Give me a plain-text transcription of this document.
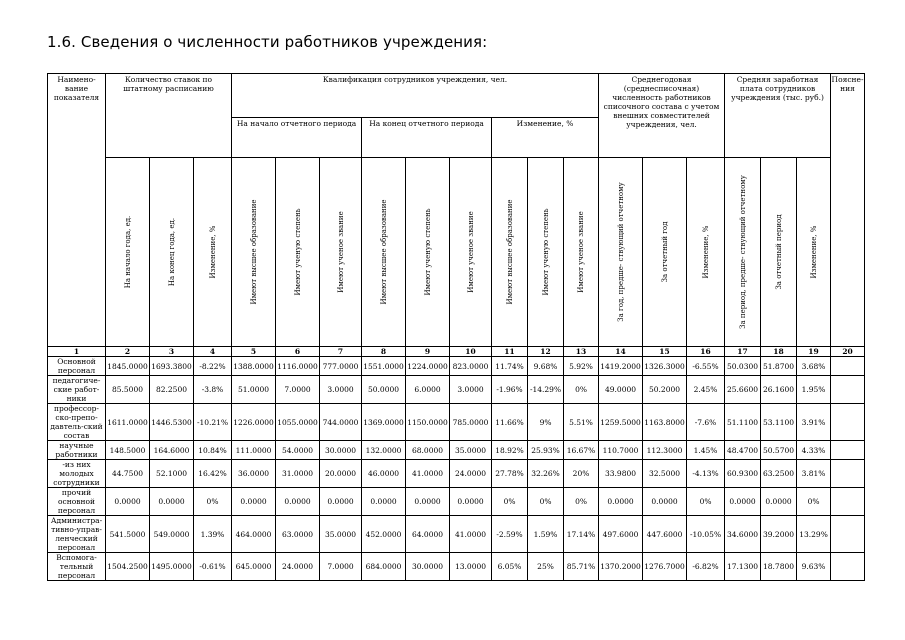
1.6. Сведения о численности работников учреждения:
Наимено-вание показателя	Количество ставок по штатному расписанию			Квалификация сотрудников учреждения, чел.									Среднегодовая (среднесписочная) численность работников списочного состава с учетом внешних совместителей учреждения, чел.			Средняя заработная плата сотрудников учреждения (тыс. руб.)			Поясне-ния
				На начало отчетного периода			На конец отчетного периода			Изменение, %									

	На начало года, ед.	На конец года, ед.	Изменение, %	Имеют высшее образование	Имеют ученую степень	Имеют ученое звание	Имеют высшее образование	Имеют ученую степень	Имеют ученое звание	Имеют высшее образование	Имеют ученую степень	Имеют ученое звание	За год, предше- ствующий отчетному	За отчетный год	Изменение, %	За период, предше- ствующий отчетному	За отчетный период	Изменение, %	

1	2	3	4	5	6	7	8	9	10	11	12	13	14	15	16	17	18	19	20
Основной персонал	1845.0000	1693.3800	-8.22%	1388.0000	1116.0000	777.0000	1551.0000	1224.0000	823.0000	11.74%	9.68%	5.92%	1419.2000	1326.3000	-6.55%	50.0300	51.8700	3.68%	
педагогиче-ские работ-ники	85.5000	82.2500	-3.8%	51.0000	7.0000	3.0000	50.0000	6.0000	3.0000	-1.96%	-14.29%	0%	49.0000	50.2000	2.45%	25.6600	26.1600	1.95%	
профессор-ско-препо-давтель-ский состав	1611.0000	1446.5300	-10.21%	1226.0000	1055.0000	744.0000	1369.0000	1150.0000	785.0000	11.66%	9%	5.51%	1259.5000	1163.8000	-7.6%	51.1100	53.1100	3.91%	
научные работники	148.5000	164.6000	10.84%	111.0000	54.0000	30.0000	132.0000	68.0000	35.0000	18.92%	25.93%	16.67%	110.7000	112.3000	1.45%	48.4700	50.5700	4.33%	
-из них молодых сотрудники	44.7500	52.1000	16.42%	36.0000	31.0000	20.0000	46.0000	41.0000	24.0000	27.78%	32.26%	20%	33.9800	32.5000	-4.13%	60.9300	63.2500	3.81%	
прочий основной персонал	0.0000	0.0000	0%	0.0000	0.0000	0.0000	0.0000	0.0000	0.0000	0%	0%	0%	0.0000	0.0000	0%	0.0000	0.0000	0%	
Администра-тивно-управ-ленческий персонал	541.5000	549.0000	1.39%	464.0000	63.0000	35.0000	452.0000	64.0000	41.0000	-2.59%	1.59%	17.14%	497.6000	447.6000	-10.05%	34.6000	39.2000	13.29%	
Вспомога-тельный персонал	1504.2500	1495.0000	-0.61%	645.0000	24.0000	7.0000	684.0000	30.0000	13.0000	6.05%	25%	85.71%	1370.2000	1276.7000	-6.82%	17.1300	18.7800	9.63%	
